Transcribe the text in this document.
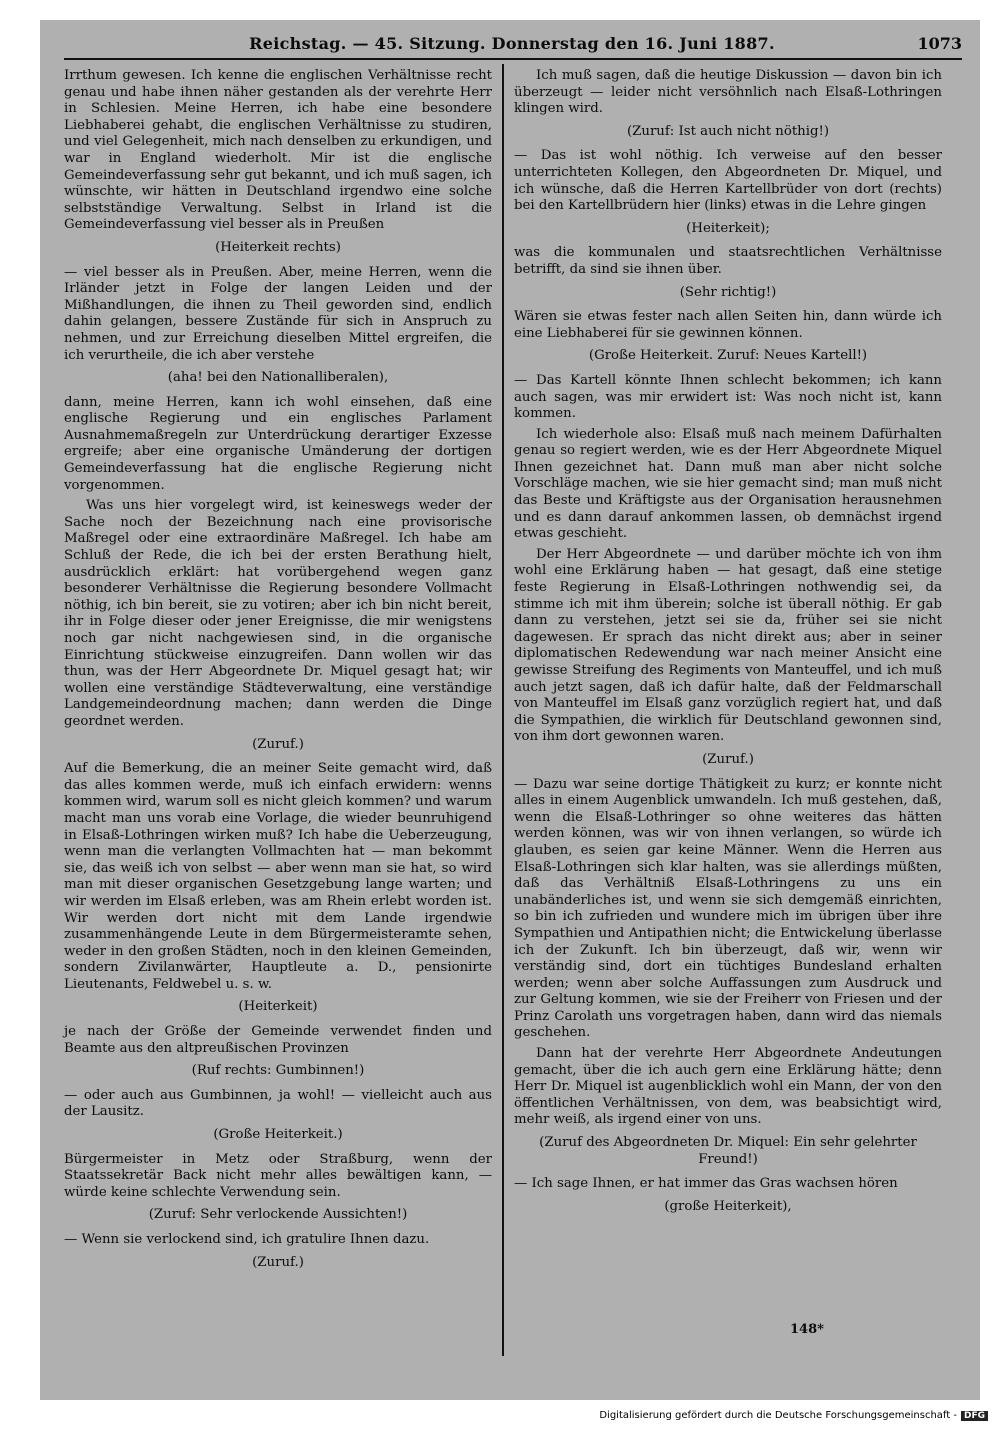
Reichstag. — 45. Sitzung. Donnerstag den 16. Juni 1887.	1073

Irrthum gewesen. Ich kenne die englischen Verhältnisse recht genau und habe ihnen näher gestanden als der verehrte Herr in Schlesien. Meine Herren, ich habe eine besondere Liebhaberei gehabt, die englischen Verhältnisse zu studiren, und viel Gelegenheit, mich nach denselben zu erkundigen, und war in England wiederholt. Mir ist die englische Gemeindeverfassung sehr gut bekannt, und ich muß sagen, ich wünschte, wir hätten in Deutschland irgendwo eine solche selbstständige Verwaltung. Selbst in Irland ist die Gemeindeverfassung viel besser als in Preußen

(Heiterkeit rechts)

— viel besser als in Preußen. Aber, meine Herren, wenn die Irländer jetzt in Folge der langen Leiden und der Mißhandlungen, die ihnen zu Theil geworden sind, endlich dahin gelangen, bessere Zustände für sich in Anspruch zu nehmen, und zur Erreichung dieselben Mittel ergreifen, die ich verurtheile, die ich aber verstehe

(aha! bei den Nationalliberalen),

dann, meine Herren, kann ich wohl einsehen, daß eine englische Regierung und ein englisches Parlament Ausnahmemaßregeln zur Unterdrückung derartiger Exzesse ergreife; aber eine organische Umänderung der dortigen Gemeindeverfassung hat die englische Regierung nicht vorgenommen.

Was uns hier vorgelegt wird, ist keineswegs weder der Sache noch der Bezeichnung nach eine provisorische Maßregel oder eine extraordinäre Maßregel. Ich habe am Schluß der Rede, die ich bei der ersten Berathung hielt, ausdrücklich erklärt: hat vorübergehend wegen ganz besonderer Verhältnisse die Regierung besondere Vollmacht nöthig, ich bin bereit, sie zu votiren; aber ich bin nicht bereit, ihr in Folge dieser oder jener Ereignisse, die mir wenigstens noch gar nicht nachgewiesen sind, in die organische Einrichtung stückweise einzugreifen. Dann wollen wir das thun, was der Herr Abgeordnete Dr. Miquel gesagt hat; wir wollen eine verständige Städteverwaltung, eine verständige Landgemeindeordnung machen; dann werden die Dinge geordnet werden.

(Zuruf.)

Auf die Bemerkung, die an meiner Seite gemacht wird, daß das alles kommen werde, muß ich einfach erwidern: wenns kommen wird, warum soll es nicht gleich kommen? und warum macht man uns vorab eine Vorlage, die wieder beunruhigend in Elsaß-Lothringen wirken muß? Ich habe die Ueberzeugung, wenn man die verlangten Vollmachten hat — man bekommt sie, das weiß ich von selbst — aber wenn man sie hat, so wird man mit dieser organischen Gesetzgebung lange warten; und wir werden im Elsaß erleben, was am Rhein erlebt worden ist. Wir werden dort nicht mit dem Lande irgendwie zusammenhängende Leute in dem Bürgermeisteramte sehen, weder in den großen Städten, noch in den kleinen Gemeinden, sondern Zivilanwärter, Hauptleute a. D., pensionirte Lieutenants, Feldwebel u. s. w.

(Heiterkeit)

je nach der Größe der Gemeinde verwendet finden und Beamte aus den altpreußischen Provinzen

(Ruf rechts: Gumbinnen!)

— oder auch aus Gumbinnen, ja wohl! — vielleicht auch aus der Lausitz.

(Große Heiterkeit.)

Bürgermeister in Metz oder Straßburg, wenn der Staatssekretär Back nicht mehr alles bewältigen kann, — würde keine schlechte Verwendung sein.

(Zuruf: Sehr verlockende Aussichten!)

— Wenn sie verlockend sind, ich gratulire Ihnen dazu.

(Zuruf.)

Ich muß sagen, daß die heutige Diskussion — davon bin ich überzeugt — leider nicht versöhnlich nach Elsaß-Lothringen klingen wird.

(Zuruf: Ist auch nicht nöthig!)

— Das ist wohl nöthig. Ich verweise auf den besser unterrichteten Kollegen, den Abgeordneten Dr. Miquel, und ich wünsche, daß die Herren Kartellbrüder von dort (rechts) bei den Kartellbrüdern hier (links) etwas in die Lehre gingen

(Heiterkeit);

was die kommunalen und staatsrechtlichen Verhältnisse betrifft, da sind sie ihnen über.

(Sehr richtig!)

Wären sie etwas fester nach allen Seiten hin, dann würde ich eine Liebhaberei für sie gewinnen können.

(Große Heiterkeit. Zuruf: Neues Kartell!)

— Das Kartell könnte Ihnen schlecht bekommen; ich kann auch sagen, was mir erwidert ist: Was noch nicht ist, kann kommen.

Ich wiederhole also: Elsaß muß nach meinem Dafürhalten genau so regiert werden, wie es der Herr Abgeordnete Miquel Ihnen gezeichnet hat. Dann muß man aber nicht solche Vorschläge machen, wie sie hier gemacht sind; man muß nicht das Beste und Kräftigste aus der Organisation herausnehmen und es dann darauf ankommen lassen, ob demnächst irgend etwas geschieht.

Der Herr Abgeordnete — und darüber möchte ich von ihm wohl eine Erklärung haben — hat gesagt, daß eine stetige feste Regierung in Elsaß-Lothringen nothwendig sei, da stimme ich mit ihm überein; solche ist überall nöthig. Er gab dann zu verstehen, jetzt sei sie da, früher sei sie nicht dagewesen. Er sprach das nicht direkt aus; aber in seiner diplomatischen Redewendung war nach meiner Ansicht eine gewisse Streifung des Regiments von Manteuffel, und ich muß auch jetzt sagen, daß ich dafür halte, daß der Feldmarschall von Manteuffel im Elsaß ganz vorzüglich regiert hat, und daß die Sympathien, die wirklich für Deutschland gewonnen sind, von ihm dort gewonnen waren.

(Zuruf.)

— Dazu war seine dortige Thätigkeit zu kurz; er konnte nicht alles in einem Augenblick umwandeln. Ich muß gestehen, daß, wenn die Elsaß-Lothringer so ohne weiteres das hätten werden können, was wir von ihnen verlangen, so würde ich glauben, es seien gar keine Männer. Wenn die Herren aus Elsaß-Lothringen sich klar halten, was sie allerdings müßten, daß das Verhältniß Elsaß-Lothringens zu uns ein unabänderliches ist, und wenn sie sich demgemäß einrichten, so bin ich zufrieden und wundere mich im übrigen über ihre Sympathien und Antipathien nicht; die Entwickelung überlasse ich der Zukunft. Ich bin überzeugt, daß wir, wenn wir verständig sind, dort ein tüchtiges Bundesland erhalten werden; wenn aber solche Auffassungen zum Ausdruck und zur Geltung kommen, wie sie der Freiherr von Friesen und der Prinz Carolath uns vorgetragen haben, dann wird das niemals geschehen.

Dann hat der verehrte Herr Abgeordnete Andeutungen gemacht, über die ich auch gern eine Erklärung hätte; denn Herr Dr. Miquel ist augenblicklich wohl ein Mann, der von den öffentlichen Verhältnissen, von dem, was beabsichtigt wird, mehr weiß, als irgend einer von uns.

(Zuruf des Abgeordneten Dr. Miquel: Ein sehr gelehrter Freund!)

— Ich sage Ihnen, er hat immer das Gras wachsen hören

(große Heiterkeit),
148*
Digitalisierung gefördert durch die Deutsche Forschungsgemeinschaft - DFG
